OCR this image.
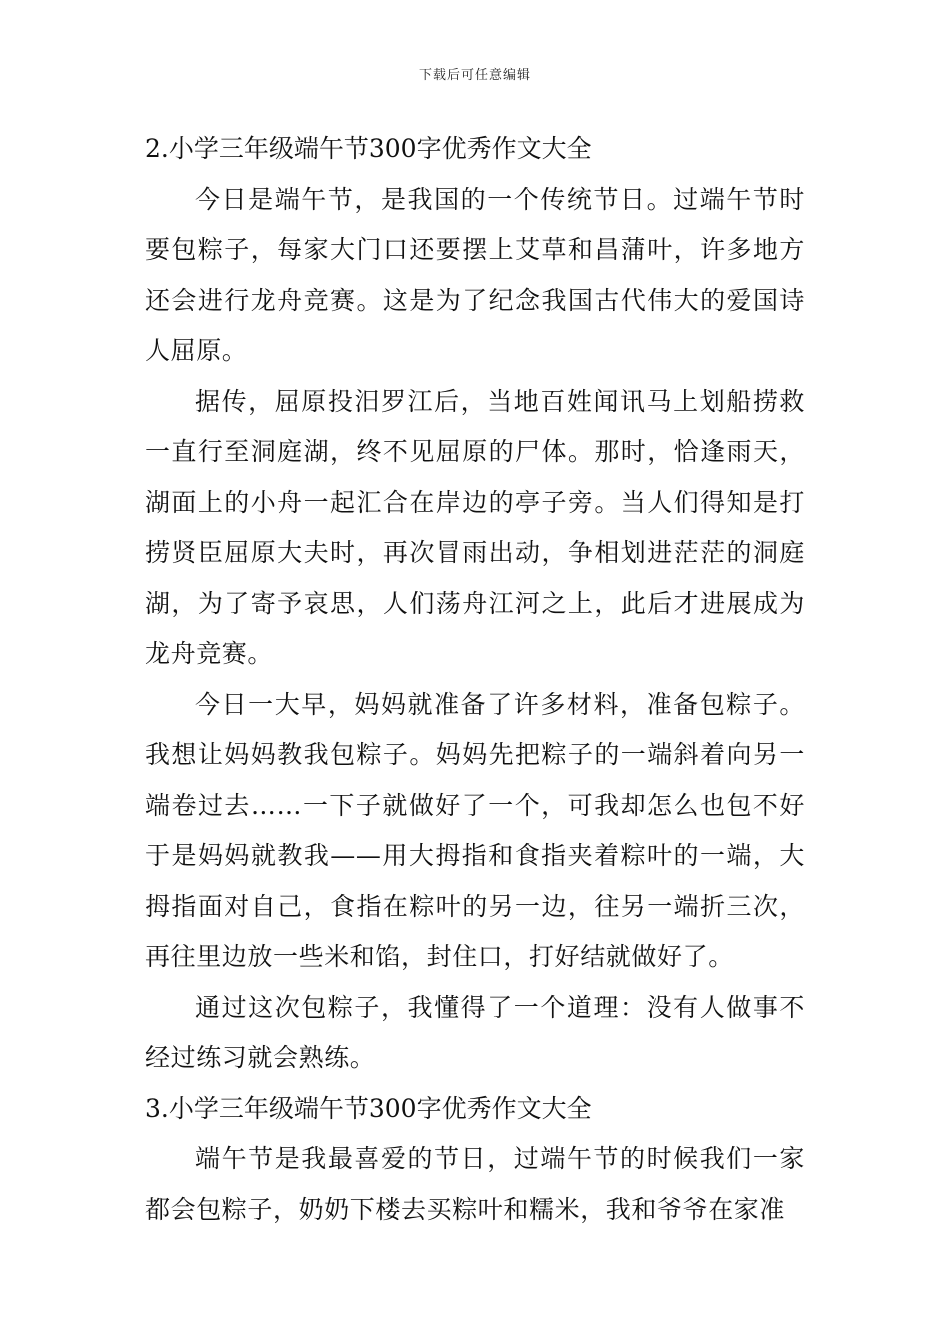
下载后可任意编辑
2.小学三年级端午节300字优秀作文大全

今日是端午节，是我国的一个传统节日。过端午节时要包粽子，每家大门口还要摆上艾草和昌蒲叶，许多地方还会进行龙舟竞赛。这是为了纪念我国古代伟大的爱国诗人屈原。

据传，屈原投汨罗江后，当地百姓闻讯马上划船捞救一直行至洞庭湖，终不见屈原的尸体。那时，恰逢雨天，湖面上的小舟一起汇合在岸边的亭子旁。当人们得知是打捞贤臣屈原大夫时，再次冒雨出动，争相划进茫茫的洞庭湖，为了寄予哀思，人们荡舟江河之上，此后才进展成为龙舟竞赛。

今日一大早，妈妈就准备了许多材料，准备包粽子。我想让妈妈教我包粽子。妈妈先把粽子的一端斜着向另一端卷过去……一下子就做好了一个，可我却怎么也包不好于是妈妈就教我——用大拇指和食指夹着粽叶的一端，大拇指面对自己，食指在粽叶的另一边，往另一端折三次，再往里边放一些米和馅，封住口，打好结就做好了。

通过这次包粽子，我懂得了一个道理：没有人做事不经过练习就会熟练。

3.小学三年级端午节300字优秀作文大全

端午节是我最喜爱的节日，过端午节的时候我们一家都会包粽子，奶奶下楼去买粽叶和糯米，我和爷爷在家准
